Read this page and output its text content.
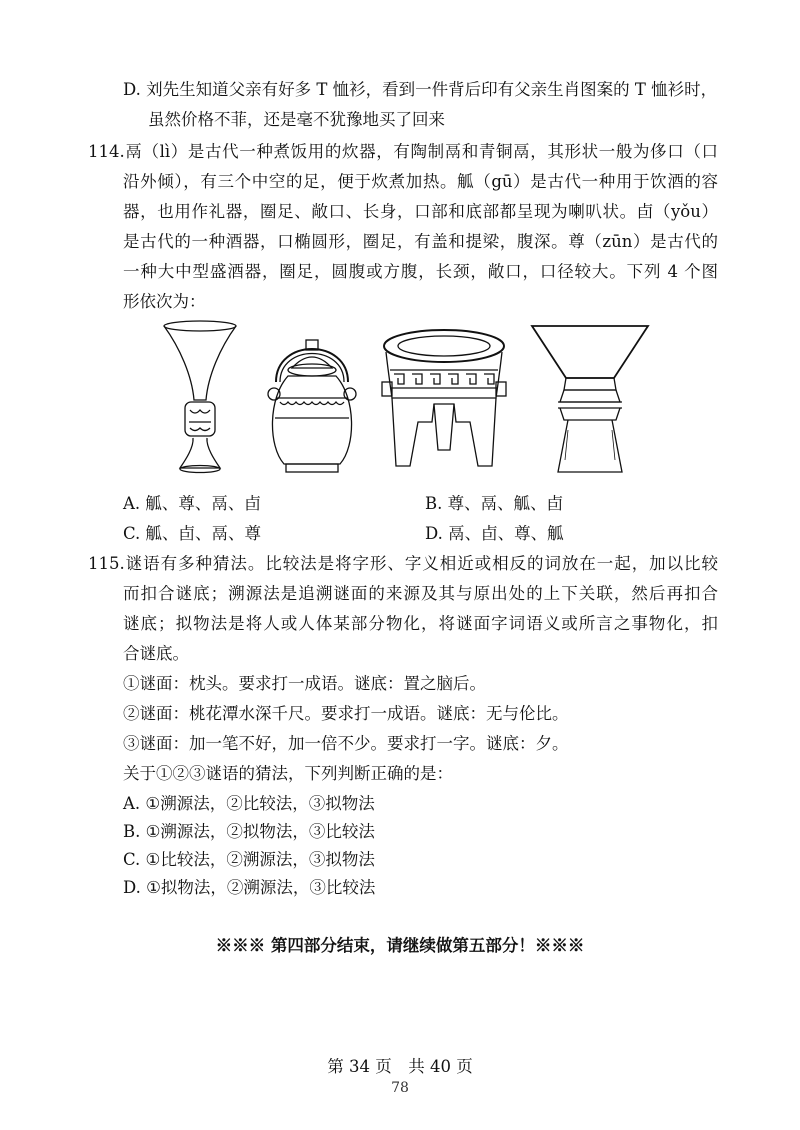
D. 刘先生知道父亲有好多 T 恤衫，看到一件背后印有父亲生肖图案的 T 恤衫时，
虽然价格不菲，还是毫不犹豫地买了回来
114.鬲（lì）是古代一种煮饭用的炊器，有陶制鬲和青铜鬲，其形状一般为侈口（口
沿外倾），有三个中空的足，便于炊煮加热。觚（gū）是古代一种用于饮酒的容
器，也用作礼器，圈足、敞口、长身，口部和底部都呈现为喇叭状。卣（yǒu）
是古代的一种酒器，口椭圆形，圈足，有盖和提梁，腹深。尊（zūn）是古代的
一种大中型盛酒器，圈足，圆腹或方腹，长颈，敞口，口径较大。下列 4 个图
形依次为：
A. 觚、尊、鬲、卣	B. 尊、鬲、觚、卣
C. 觚、卣、鬲、尊	D. 鬲、卣、尊、觚
115.谜语有多种猜法。比较法是将字形、字义相近或相反的词放在一起，加以比较
而扣合谜底；溯源法是追溯谜面的来源及其与原出处的上下关联，然后再扣合
谜底；拟物法是将人或人体某部分物化，将谜面字词语义或所言之事物化，扣
合谜底。
①谜面：枕头。要求打一成语。谜底：置之脑后。
②谜面：桃花潭水深千尺。要求打一成语。谜底：无与伦比。
③谜面：加一笔不好，加一倍不少。要求打一字。谜底：夕。
关于①②③谜语的猜法，下列判断正确的是：
A. ①溯源法，②比较法，③拟物法
B. ①溯源法，②拟物法，③比较法
C. ①比较法，②溯源法，③拟物法
D. ①拟物法，②溯源法，③比较法
※※※ 第四部分结束，请继续做第五部分！※※※
第 34 页　共 40 页
78
